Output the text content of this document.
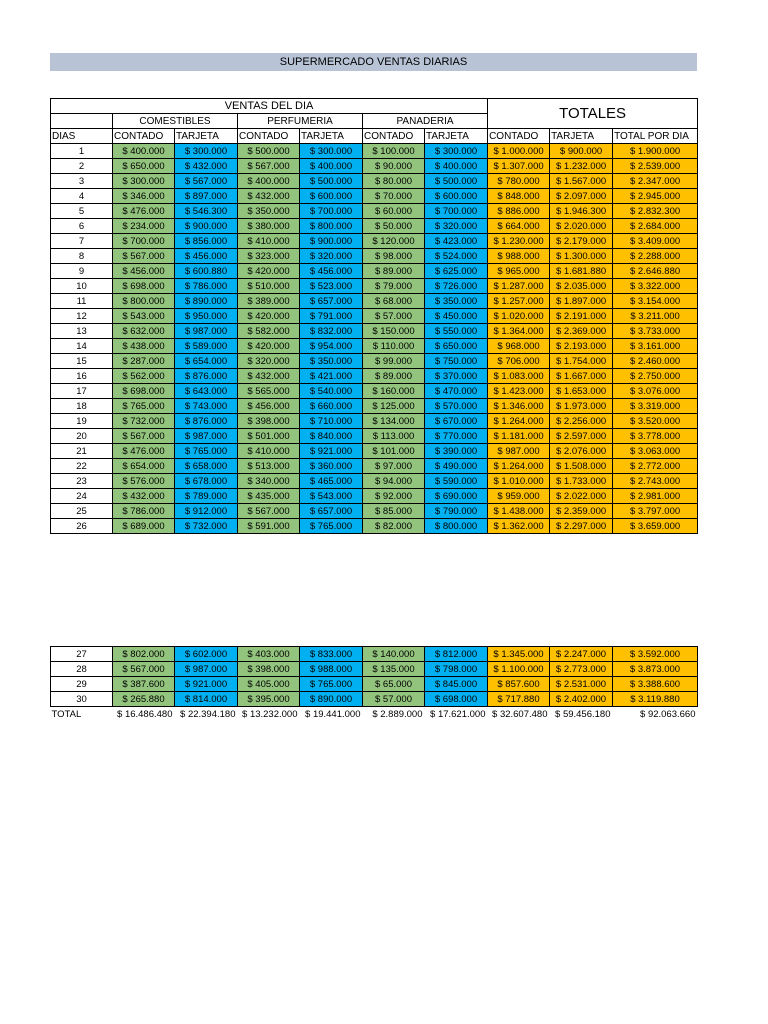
SUPERMERCADO VENTAS DIARIAS
VENTAS DEL DIA							TOTALES		
	COMESTIBLES		PERFUMERIA		PANADERIA				
DIAS	CONTADO	TARJETA	CONTADO	TARJETA	CONTADO	TARJETA	CONTADO	TARJETA	TOTAL POR DIA
1	$ 400.000	$ 300.000	$ 500.000	$ 300.000	$ 100.000	$ 300.000	$ 1.000.000	$ 900.000	$ 1.900.000
2	$ 650.000	$ 432.000	$ 567.000	$ 400.000	$ 90.000	$ 400.000	$ 1.307.000	$ 1.232.000	$ 2.539.000
3	$ 300.000	$ 567.000	$ 400.000	$ 500.000	$ 80.000	$ 500.000	$ 780.000	$ 1.567.000	$ 2.347.000
4	$ 346.000	$ 897.000	$ 432.000	$ 600.000	$ 70.000	$ 600.000	$ 848.000	$ 2.097.000	$ 2.945.000
5	$ 476.000	$ 546.300	$ 350.000	$ 700.000	$ 60.000	$ 700.000	$ 886.000	$ 1.946.300	$ 2.832.300
6	$ 234.000	$ 900.000	$ 380.000	$ 800.000	$ 50.000	$ 320.000	$ 664.000	$ 2.020.000	$ 2.684.000
7	$ 700.000	$ 856.000	$ 410.000	$ 900.000	$ 120.000	$ 423.000	$ 1.230.000	$ 2.179.000	$ 3.409.000
8	$ 567.000	$ 456.000	$ 323.000	$ 320.000	$ 98.000	$ 524.000	$ 988.000	$ 1.300.000	$ 2.288.000
9	$ 456.000	$ 600.880	$ 420.000	$ 456.000	$ 89.000	$ 625.000	$ 965.000	$ 1.681.880	$ 2.646.880
10	$ 698.000	$ 786.000	$ 510.000	$ 523.000	$ 79.000	$ 726.000	$ 1.287.000	$ 2.035.000	$ 3.322.000
11	$ 800.000	$ 890.000	$ 389.000	$ 657.000	$ 68.000	$ 350.000	$ 1.257.000	$ 1.897.000	$ 3.154.000
12	$ 543.000	$ 950.000	$ 420.000	$ 791.000	$ 57.000	$ 450.000	$ 1.020.000	$ 2.191.000	$ 3.211.000
13	$ 632.000	$ 987.000	$ 582.000	$ 832.000	$ 150.000	$ 550.000	$ 1.364.000	$ 2.369.000	$ 3.733.000
14	$ 438.000	$ 589.000	$ 420.000	$ 954.000	$ 110.000	$ 650.000	$ 968.000	$ 2.193.000	$ 3.161.000
15	$ 287.000	$ 654.000	$ 320.000	$ 350.000	$ 99.000	$ 750.000	$ 706.000	$ 1.754.000	$ 2.460.000
16	$ 562.000	$ 876.000	$ 432.000	$ 421.000	$ 89.000	$ 370.000	$ 1.083.000	$ 1.667.000	$ 2.750.000
17	$ 698.000	$ 643.000	$ 565.000	$ 540.000	$ 160.000	$ 470.000	$ 1.423.000	$ 1.653.000	$ 3.076.000
18	$ 765.000	$ 743.000	$ 456.000	$ 660.000	$ 125.000	$ 570.000	$ 1.346.000	$ 1.973.000	$ 3.319.000
19	$ 732.000	$ 876.000	$ 398.000	$ 710.000	$ 134.000	$ 670.000	$ 1.264.000	$ 2.256.000	$ 3.520.000
20	$ 567.000	$ 987.000	$ 501.000	$ 840.000	$ 113.000	$ 770.000	$ 1.181.000	$ 2.597.000	$ 3.778.000
21	$ 476.000	$ 765.000	$ 410.000	$ 921.000	$ 101.000	$ 390.000	$ 987.000	$ 2.076.000	$ 3.063.000
22	$ 654.000	$ 658.000	$ 513.000	$ 360.000	$ 97.000	$ 490.000	$ 1.264.000	$ 1.508.000	$ 2.772.000
23	$ 576.000	$ 678.000	$ 340.000	$ 465.000	$ 94.000	$ 590.000	$ 1.010.000	$ 1.733.000	$ 2.743.000
24	$ 432.000	$ 789.000	$ 435.000	$ 543.000	$ 92.000	$ 690.000	$ 959.000	$ 2.022.000	$ 2.981.000
25	$ 786.000	$ 912.000	$ 567.000	$ 657.000	$ 85.000	$ 790.000	$ 1.438.000	$ 2.359.000	$ 3.797.000
26	$ 689.000	$ 732.000	$ 591.000	$ 765.000	$ 82.000	$ 800.000	$ 1.362.000	$ 2.297.000	$ 3.659.000
27	$ 802.000	$ 602.000	$ 403.000	$ 833.000	$ 140.000	$ 812.000	$ 1.345.000	$ 2.247.000	$ 3.592.000
28	$ 567.000	$ 987.000	$ 398.000	$ 988.000	$ 135.000	$ 798.000	$ 1.100.000	$ 2.773.000	$ 3.873.000
29	$ 387.600	$ 921.000	$ 405.000	$ 765.000	$ 65.000	$ 845.000	$ 857.600	$ 2.531.000	$ 3.388.600
30	$ 265.880	$ 814.000	$ 395.000	$ 890.000	$ 57.000	$ 698.000	$ 717.880	$ 2.402.000	$ 3.119.880
TOTAL	$ 16.486.480	$ 22.394.180	$ 13.232.000	$ 19.441.000	$ 2.889.000	$ 17.621.000	$ 32.607.480	$ 59.456.180	$ 92.063.660
